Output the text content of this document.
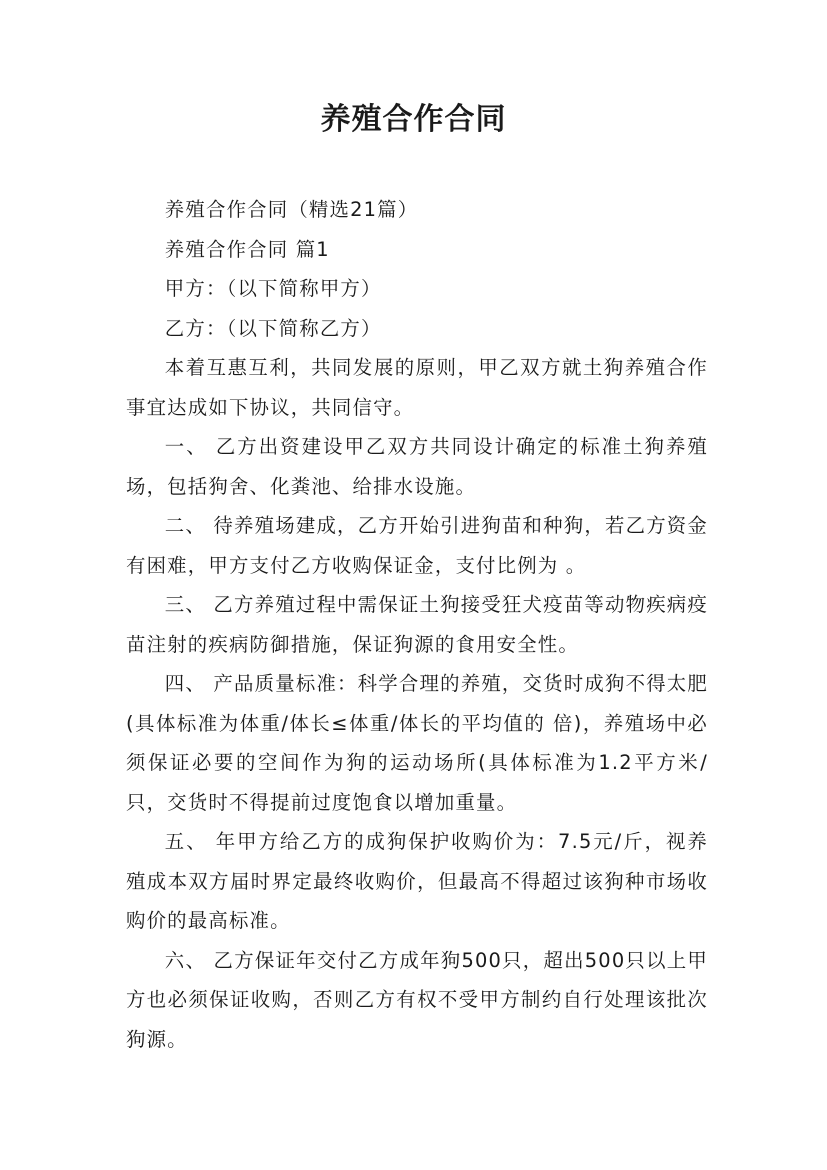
养殖合作合同

养殖合作合同（精选21篇）

养殖合作合同 篇1

甲方：（以下简称甲方）

乙方：（以下简称乙方）

本着互惠互利，共同发展的原则，甲乙双方就土狗养殖合作事宜达成如下协议，共同信守。

一、 乙方出资建设甲乙双方共同设计确定的标准土狗养殖场，包括狗舍、化粪池、给排水设施。

二、 待养殖场建成，乙方开始引进狗苗和种狗，若乙方资金有困难，甲方支付乙方收购保证金，支付比例为 。

三、 乙方养殖过程中需保证土狗接受狂犬疫苗等动物疾病疫苗注射的疾病防御措施，保证狗源的食用安全性。

四、 产品质量标准：科学合理的养殖，交货时成狗不得太肥(具体标准为体重/体长≤体重/体长的平均值的 倍)，养殖场中必须保证必要的空间作为狗的运动场所(具体标准为1.2平方米/只，交货时不得提前过度饱食以增加重量。

五、 年甲方给乙方的成狗保护收购价为：7.5元/斤，视养殖成本双方届时界定最终收购价，但最高不得超过该狗种市场收购价的最高标准。

六、 乙方保证年交付乙方成年狗500只，超出500只以上甲方也必须保证收购，否则乙方有权不受甲方制约自行处理该批次狗源。
